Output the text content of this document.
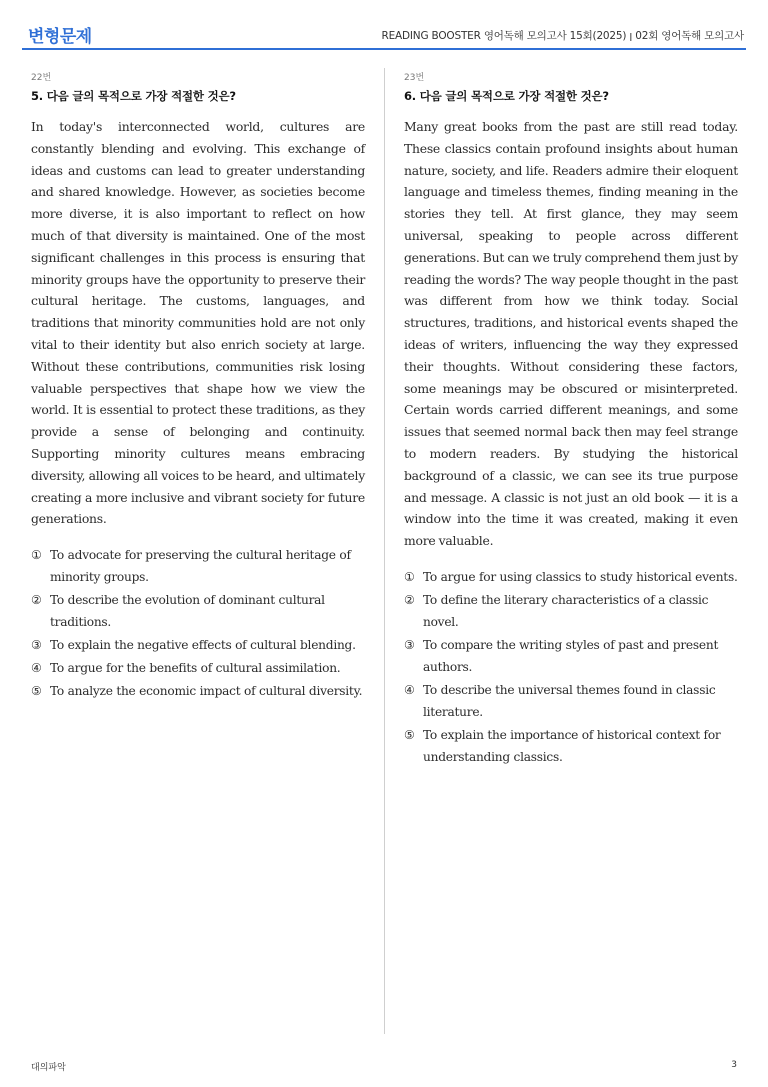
변형문제	READING BOOSTER 영어독해 모의고사 15회(2025) ꞁ 02회 영어독해 모의고사
22번
5. 다음 글의 목적으로 가장 적절한 것은?

In today's interconnected world, cultures are constantly blending and evolving. This exchange of ideas and customs can lead to greater understanding and shared knowledge. However, as societies become more diverse, it is also important to reflect on how much of that diversity is maintained. One of the most significant challenges in this process is ensuring that minority groups have the opportunity to preserve their cultural heritage. The customs, languages, and traditions that minority communities hold are not only vital to their identity but also enrich society at large. Without these contributions, communities risk losing valuable perspectives that shape how we view the world. It is essential to protect these traditions, as they provide a sense of belonging and continuity. Supporting minority cultures means embracing diversity, allowing all voices to be heard, and ultimately creating a more inclusive and vibrant society for future generations.

① To advocate for preserving the cultural heritage of minority groups.
② To describe the evolution of dominant cultural traditions.
③ To explain the negative effects of cultural blending.
④ To argue for the benefits of cultural assimilation.
⑤ To analyze the economic impact of cultural diversity.
23번
6. 다음 글의 목적으로 가장 적절한 것은?

Many great books from the past are still read today. These classics contain profound insights about human nature, society, and life. Readers admire their eloquent language and timeless themes, finding meaning in the stories they tell. At first glance, they may seem universal, speaking to people across different generations. But can we truly comprehend them just by reading the words? The way people thought in the past was different from how we think today. Social structures, traditions, and historical events shaped the ideas of writers, influencing the way they expressed their thoughts. Without considering these factors, some meanings may be obscured or misinterpreted. Certain words carried different meanings, and some issues that seemed normal back then may feel strange to modern readers. By studying the historical background of a classic, we can see its true purpose and message. A classic is not just an old book — it is a window into the time it was created, making it even more valuable.

① To argue for using classics to study historical events.
② To define the literary characteristics of a classic novel.
③ To compare the writing styles of past and present authors.
④ To describe the universal themes found in classic literature.
⑤ To explain the importance of historical context for understanding classics.
대의파악	3
